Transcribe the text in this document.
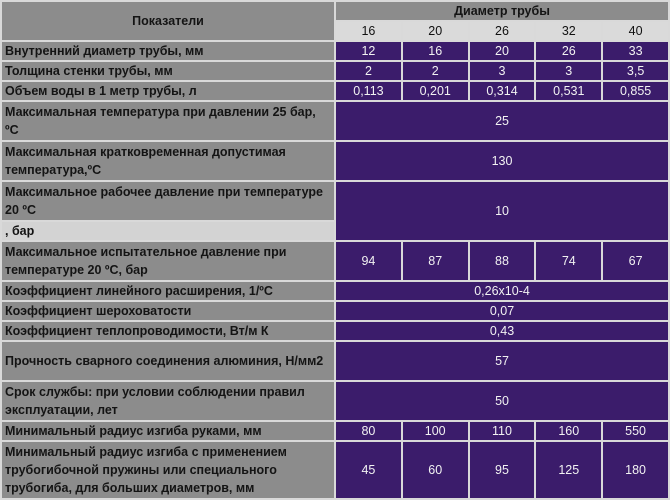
Показатели	Диаметр трубы				
	16	20	26	32	40
Внутренний диаметр трубы, мм	12	16	20	26	33
Толщина стенки трубы, мм	2	2	3	3	3,5
Объем воды в 1 метр трубы, л	0,113	0,201	0,314	0,531	0,855
Максимальная температура при давлении 25 бар, ºС	25				
Максимальная кратковременная допустимая температура,ºС	130				
Максимальное рабочее давление при температуре 20 ºС	10				
, бар					
Максимальное испытательное давление при температуре 20 ºС, бар	94	87	88	74	67
Коэффициент линейного расширения, 1/ºС	0,26x10-4				
Коэффициент шероховатости	0,07				
Коэффициент теплопроводимости, Вт/м К	0,43				
Прочность сварного соединения алюминия, Н/мм2	57				
Срок службы: при условии соблюдении правил эксплуатации, лет	50				
Минимальный радиус изгиба руками, мм	80	100	110	160	550
Минимальный радиус изгиба с применением трубогибочной пружины или специального трубогиба, для больших диаметров, мм	45	60	95	125	180
